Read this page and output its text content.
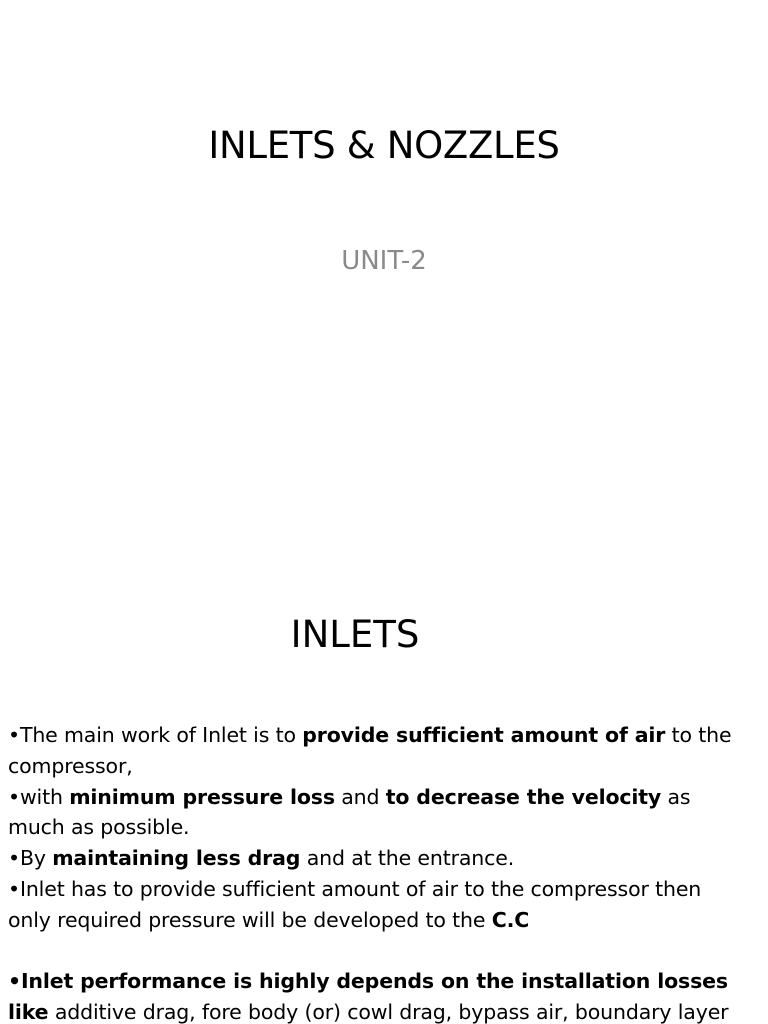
INLETS & NOZZLES
UNIT-2
INLETS

•The main work of Inlet is to provide sufficient amount of air to the compressor,

•with minimum pressure loss and to decrease the velocity as much as possible.

•By maintaining less drag and at the entrance.

•Inlet has to provide sufficient amount of air to the compressor then only required pressure will be developed to the C.C

•Inlet performance is highly depends on the installation losses like additive drag, fore body (or) cowl drag, bypass air, boundary layer
